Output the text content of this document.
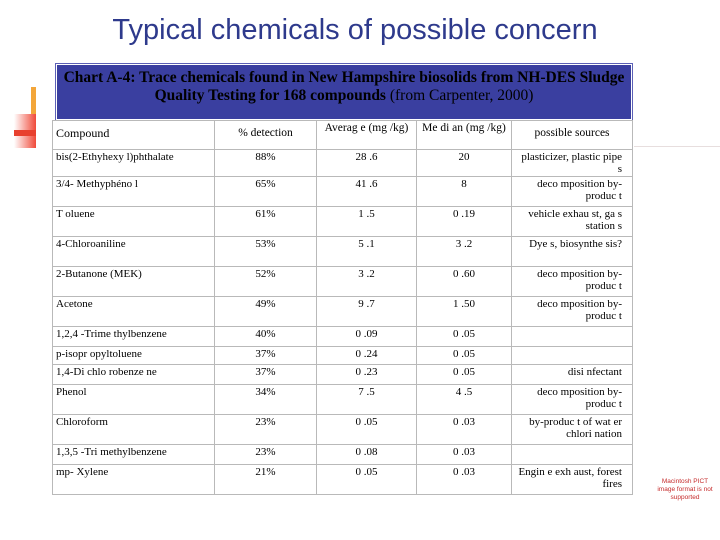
Typical chemicals of possible concern
Chart A-4: Trace chemicals found in New Hampshire biosolids from NH-DES Sludge Quality Testing for 168 compounds (from Carpenter, 2000)
Compound	% detection	Averag e (mg /kg)	Me di an (mg /kg)	possible sources
bis(2-Ethyhexy l)phthalate	88%	28 .6	20	plasticizer, plastic pipe s
3/4- Methyphéno l	65%	41 .6	8	deco mposition by- produc t
T oluene	61%	1 .5	0 .19	vehicle exhau st, ga s station s
4-Chloroaniline	53%	5 .1	3 .2	Dye s, biosynthe sis?
2-Butanone (MEK)	52%	3 .2	0 .60	deco mposition by- produc t
Acetone	49%	9 .7	1 .50	deco mposition by- produc t
1,2,4 -Trime thylbenzene	40%	0 .09	0 .05	
p-isopr opyltoluene	37%	0 .24	0 .05	
1,4-Di chlo robenze ne	37%	0 .23	0 .05	disi nfectant
Phenol	34%	7 .5	4 .5	deco mposition by- produc t
Chloroform	23%	0 .05	0 .03	by-produc t of wat er chlori nation
1,3,5 -Tri methylbenzene	23%	0 .08	0 .03	
mp- Xylene	21%	0 .05	0 .03	Engin e exh aust, forest fires	Macintosh PICT image format is not supported
